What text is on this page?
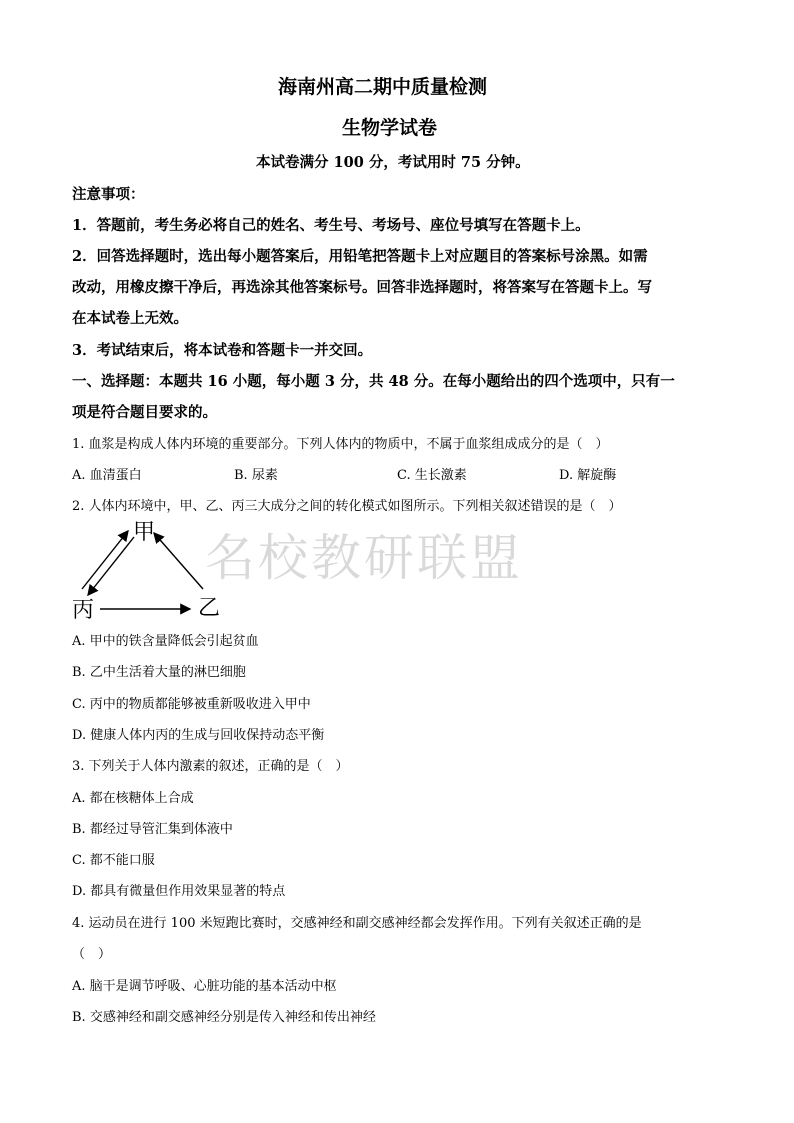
名校教研联盟
海南州高二期中质量检测
生物学试卷
本试卷满分 100 分，考试用时 75 分钟。
注意事项：
1．答题前，考生务必将自己的姓名、考生号、考场号、座位号填写在答题卡上。
2．回答选择题时，选出每小题答案后，用铅笔把答题卡上对应题目的答案标号涂黑。如需
改动，用橡皮擦干净后，再选涂其他答案标号。回答非选择题时，将答案写在答题卡上。写
在本试卷上无效。
3．考试结束后，将本试卷和答题卡一并交回。
一、选择题：本题共 16 小题，每小题 3 分，共 48 分。在每小题给出的四个选项中，只有一
项是符合题目要求的。
1. 血浆是构成人体内环境的重要部分。下列人体内的物质中，不属于血浆组成成分的是（　）
A. 血清蛋白	B. 尿素	C. 生长激素	D. 解旋酶
2. 人体内环境中，甲、乙、丙三大成分之间的转化模式如图所示。下列相关叙述错误的是（　）
甲
丙	乙
A. 甲中的铁含量降低会引起贫血
B. 乙中生活着大量的淋巴细胞
C. 丙中的物质都能够被重新吸收进入甲中
D. 健康人体内丙的生成与回收保持动态平衡
3. 下列关于人体内激素的叙述，正确的是（　）
A. 都在核糖体上合成
B. 都经过导管汇集到体液中
C. 都不能口服
D. 都具有微量但作用效果显著的特点
4. 运动员在进行 100 米短跑比赛时，交感神经和副交感神经都会发挥作用。下列有关叙述正确的是
（　）
A. 脑干是调节呼吸、心脏功能的基本活动中枢
B. 交感神经和副交感神经分别是传入神经和传出神经
